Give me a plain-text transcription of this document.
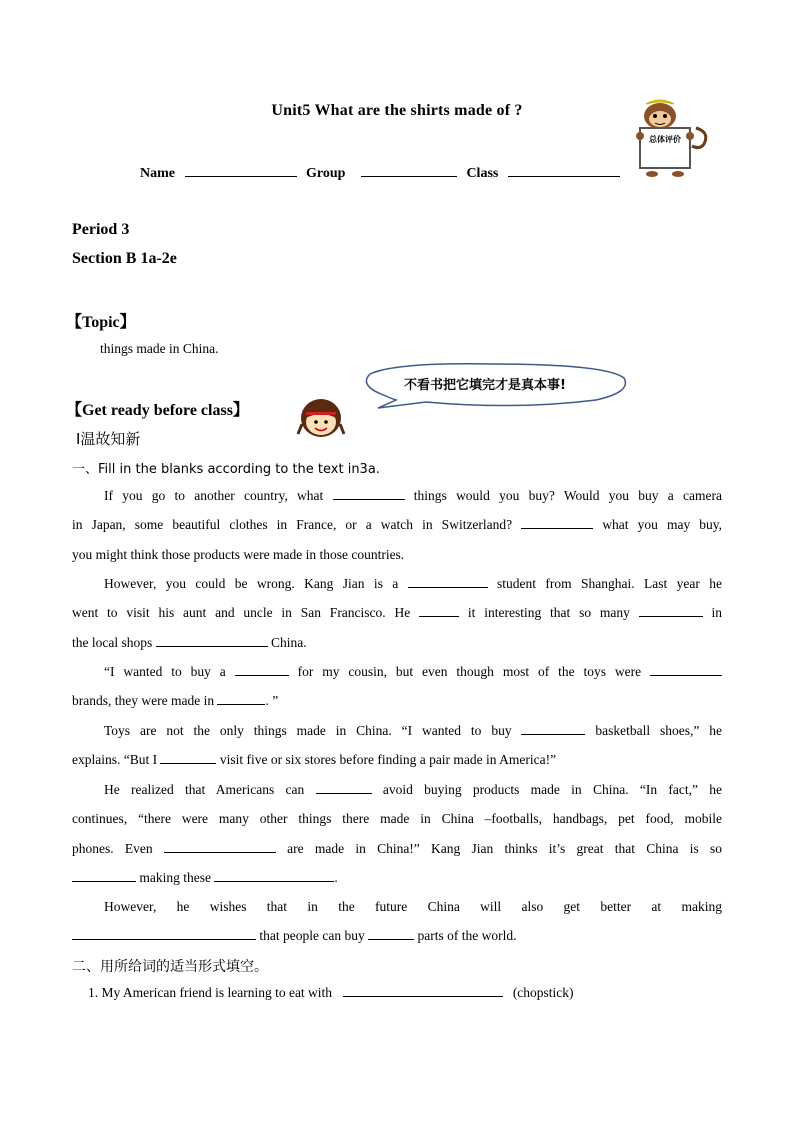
Unit5 What are the shirts made of ?
总体评价
Name	Group	Class
Period 3
Section B 1a-2e
【Topic】
things made in China.
不看书把它填完才是真本事!
【Get ready before class】
Ⅰ温故知新
一、Fill in the blanks according to the text in3a.
If you go to another country, what	things would you buy? Would you buy a camera
in Japan, some beautiful clothes in France, or a watch in Switzerland?	what you may buy,
you might think those products were made in those countries.
However, you could be wrong. Kang Jian is a	student from Shanghai. Last year he
went to visit his aunt and uncle in San Francisco. He	it interesting that so many	in
the local shops	China.
“I wanted to buy a	for my cousin, but even though most of the toys were
brands, they were made in	. ”
Toys are not the only things made in China. “I wanted to buy	basketball shoes,” he
explains. “But I	visit five or six stores before finding a pair made in America!”
He realized that Americans can	avoid buying products made in China. “In fact,” he
continues, “there were many other things there made in China –footballs, handbags, pet food, mobile
phones. Even	are made in China!” Kang Jian thinks it’s great that China is so
making these	.
However, he wishes that in the future China will also get better at making
that people can buy	parts of the world.
二、用所给词的适当形式填空。
1. My American friend is learning to eat with	(chopstick)
